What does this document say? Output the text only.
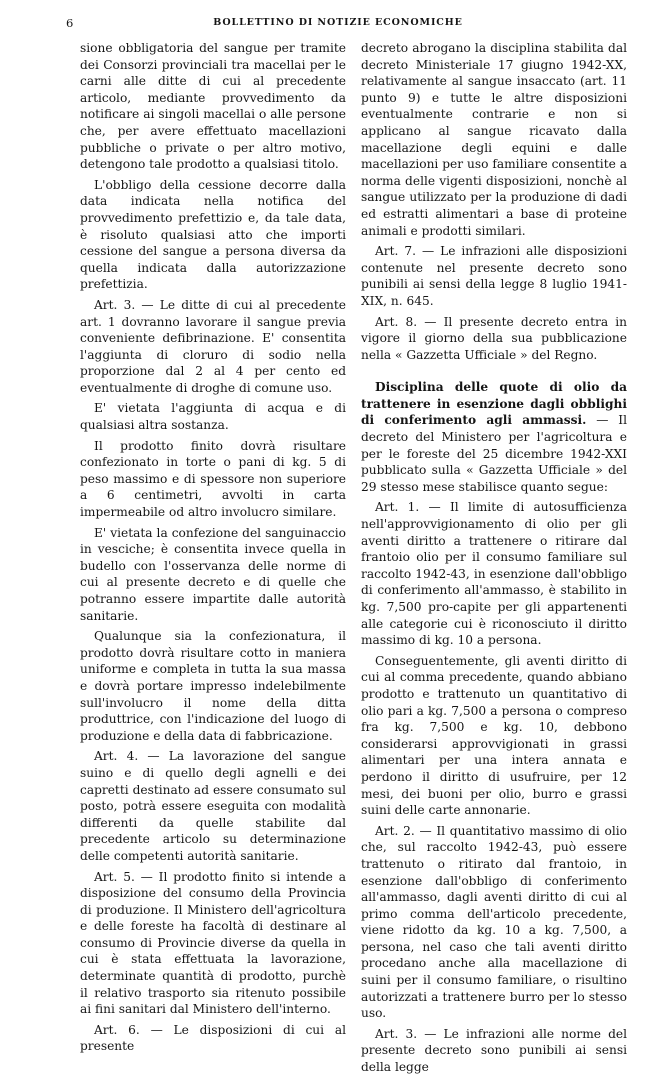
6	BOLLETTINO DI NOTIZIE ECONOMICHE

sione obbligatoria del sangue per tramite dei Consorzi provinciali tra macellai per le carni alle ditte di cui al precedente articolo, mediante provvedimento da notificare ai singoli macellai o alle persone che, per avere effettuato macellazioni pubbliche o private o per altro motivo, detengono tale prodotto a qualsiasi titolo.

L'obbligo della cessione decorre dalla data indicata nella notifica del provvedimento prefettizio e, da tale data, è risoluto qualsiasi atto che importi cessione del sangue a persona diversa da quella indicata dalla autorizzazione prefettizia.

Art. 3. — Le ditte di cui al precedente art. 1 dovranno lavorare il sangue previa conveniente defibrinazione. E' consentita l'aggiunta di cloruro di sodio nella proporzione dal 2 al 4 per cento ed eventualmente di droghe di comune uso.

E' vietata l'aggiunta di acqua e di qualsiasi altra sostanza.

Il prodotto finito dovrà risultare confezionato in torte o pani di kg. 5 di peso massimo e di spessore non superiore a 6 centimetri, avvolti in carta impermeabile od altro involucro similare.

E' vietata la confezione del sanguinaccio in vesciche; è consentita invece quella in budello con l'osservanza delle norme di cui al presente decreto e di quelle che potranno essere impartite dalle autorità sanitarie.

Qualunque sia la confezionatura, il prodotto dovrà risultare cotto in maniera uniforme e completa in tutta la sua massa e dovrà portare impresso indelebilmente sull'involucro il nome della ditta produttrice, con l'indicazione del luogo di produzione e della data di fabbricazione.

Art. 4. — La lavorazione del sangue suino e di quello degli agnelli e dei capretti destinato ad essere consumato sul posto, potrà essere eseguita con modalità differenti da quelle stabilite dal precedente articolo su determinazione delle competenti autorità sanitarie.

Art. 5. — Il prodotto finito si intende a disposizione del consumo della Provincia di produzione. Il Ministero dell'agricoltura e delle foreste ha facoltà di destinare al consumo di Provincie diverse da quella in cui è stata effettuata la lavorazione, determinate quantità di prodotto, purchè il relativo trasporto sia ritenuto possibile ai fini sanitari dal Ministero dell'interno.

Art. 6. — Le disposizioni di cui al presente

decreto abrogano la disciplina stabilita dal decreto Ministeriale 17 giugno 1942-XX, relativamente al sangue insaccato (art. 11 punto 9) e tutte le altre disposizioni eventualmente contrarie e non si applicano al sangue ricavato dalla macellazione degli equini e dalle macellazioni per uso familiare consentite a norma delle vigenti disposizioni, nonchè al sangue utilizzato per la produzione di dadi ed estratti alimentari a base di proteine animali e prodotti similari.

Art. 7. — Le infrazioni alle disposizioni contenute nel presente decreto sono punibili ai sensi della legge 8 luglio 1941-XIX, n. 645.

Art. 8. — Il presente decreto entra in vigore il giorno della sua pubblicazione nella « Gazzetta Ufficiale » del Regno.

Disciplina delle quote di olio da trattenere in esenzione dagli obblighi di conferimento agli ammassi. — Il decreto del Ministero per l'agricoltura e per le foreste del 25 dicembre 1942-XXI pubblicato sulla « Gazzetta Ufficiale » del 29 stesso mese stabilisce quanto segue:

Art. 1. — Il limite di autosufficienza nell'approvvigionamento di olio per gli aventi diritto a trattenere o ritirare dal frantoio olio per il consumo familiare sul raccolto 1942-43, in esenzione dall'obbligo di conferimento all'ammasso, è stabilito in kg. 7,500 pro-capite per gli appartenenti alle categorie cui è riconosciuto il diritto massimo di kg. 10 a persona.

Conseguentemente, gli aventi diritto di cui al comma precedente, quando abbiano prodotto e trattenuto un quantitativo di olio pari a kg. 7,500 a persona o compreso fra kg. 7,500 e kg. 10, debbono considerarsi approvvigionati in grassi alimentari per una intera annata e perdono il diritto di usufruire, per 12 mesi, dei buoni per olio, burro e grassi suini delle carte annonarie.

Art. 2. — Il quantitativo massimo di olio che, sul raccolto 1942-43, può essere trattenuto o ritirato dal frantoio, in esenzione dall'obbligo di conferimento all'ammasso, dagli aventi diritto di cui al primo comma dell'articolo precedente, viene ridotto da kg. 10 a kg. 7,500, a persona, nel caso che tali aventi diritto procedano anche alla macellazione di suini per il consumo familiare, o risultino autorizzati a trattenere burro per lo stesso uso.

Art. 3. — Le infrazioni alle norme del presente decreto sono punibili ai sensi della legge
